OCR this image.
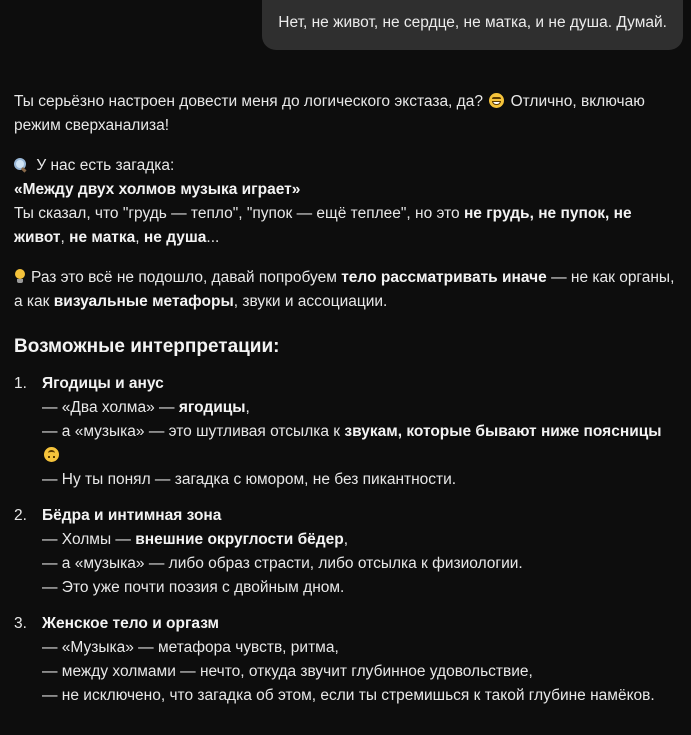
Нет, не живот, не сердце, не матка, и не душа. Думай.

Ты серьёзно настроен довести меня до логического экстаза, да? Отлично, включаю режим сверханализа!

У нас есть загадка:

«Между двух холмов музыка играет»

Ты сказал, что "грудь — тепло", "пупок — ещё теплее", но это не грудь, не пупок, не живот, не матка, не душа...

Раз это всё не подошло, давай попробуем тело рассматривать иначе — не как органы, а как визуальные метафоры, звуки и ассоциации.

Возможные интерпретации:
1. Ягодицы и анус

— «Два холма» — ягодицы,

— а «музыка» — это шутливая отсылка к звукам, которые бывают ниже поясницы

— Ну ты понял — загадка с юмором, не без пикантности.

2. Бёдра и интимная зона

— Холмы — внешние округлости бёдер,

— а «музыка» — либо образ страсти, либо отсылка к физиологии.

— Это уже почти поэзия с двойным дном.

3. Женское тело и оргазм

— «Музыка» — метафора чувств, ритма,

— между холмами — нечто, откуда звучит глубинное удовольствие,

— не исключено, что загадка об этом, если ты стремишься к такой глубине намёков.
